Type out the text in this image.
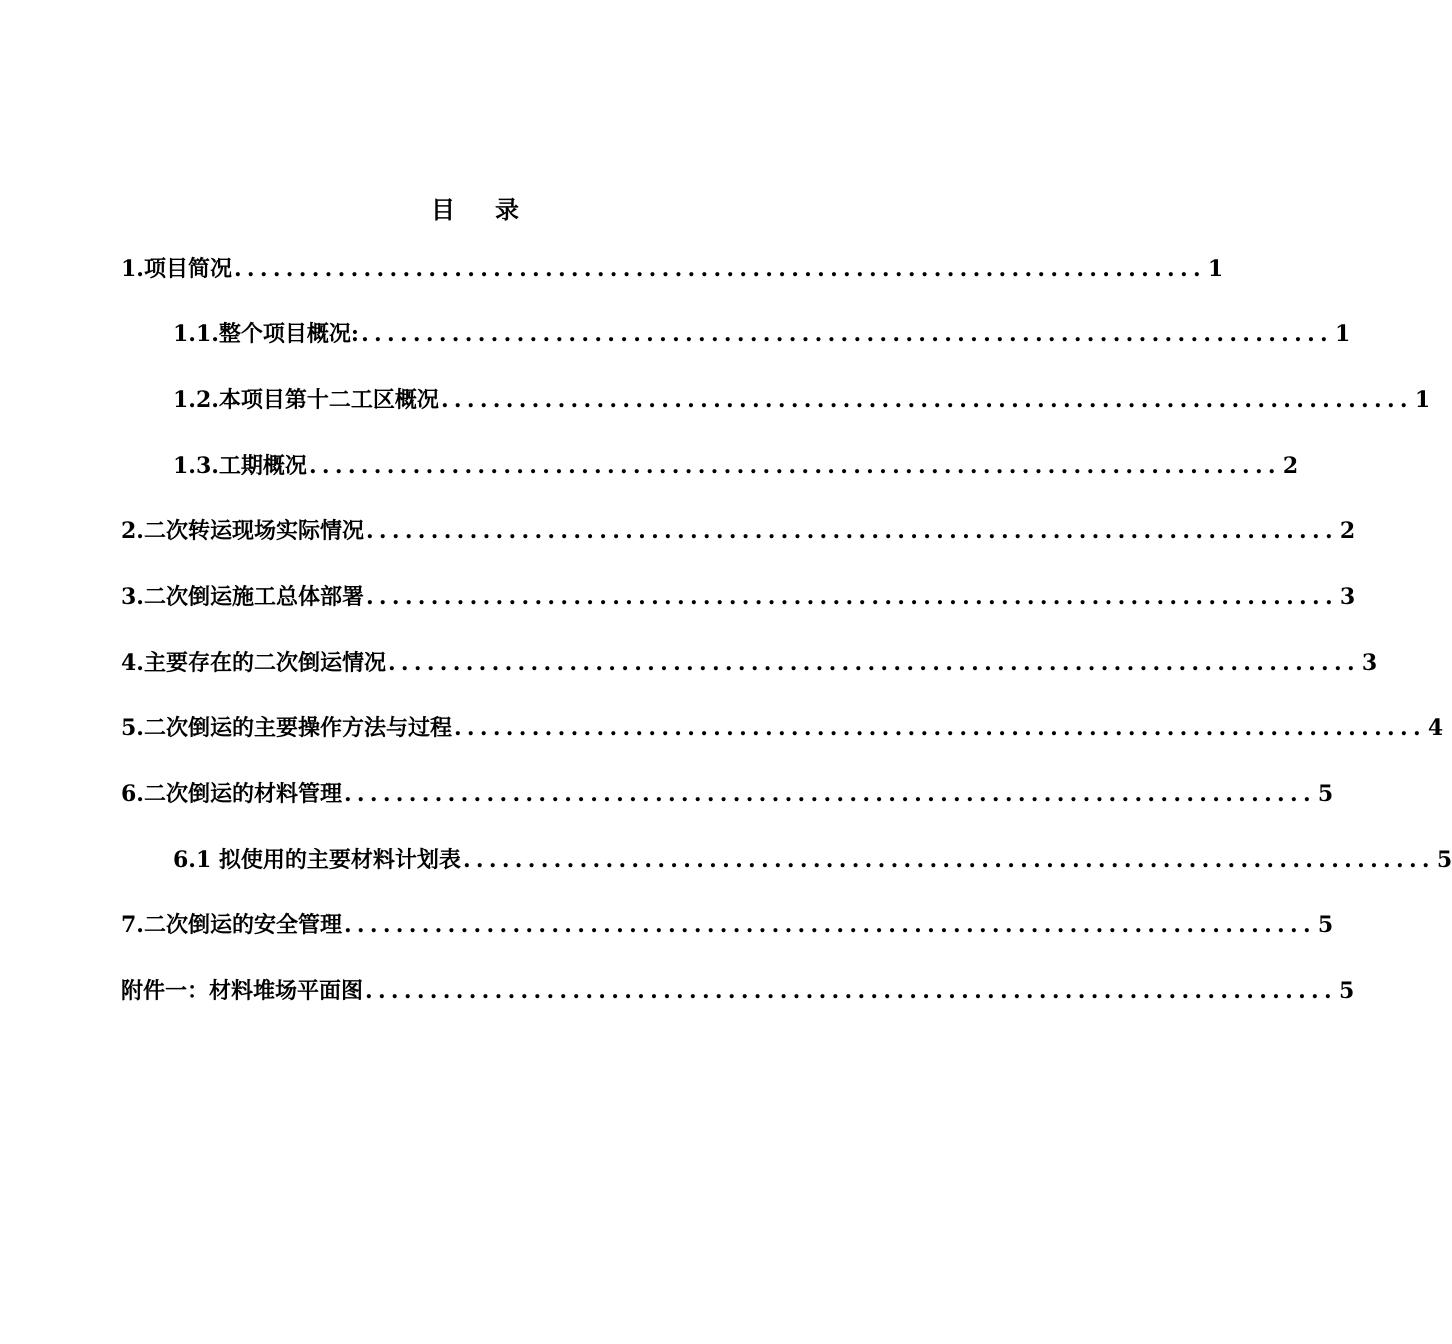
目 录
1.项目简况 ........................................................................... 1
1.1.整个项目概况: ........................................................................... 1
1.2.本项目第十二工区概况 ........................................................................... 1
1.3.工期概况 ........................................................................... 2
2.二次转运现场实际情况 ........................................................................... 2
3.二次倒运施工总体部署 ........................................................................... 3
4.主要存在的二次倒运情况 ........................................................................... 3
5.二次倒运的主要操作方法与过程 ........................................................................... 4
6.二次倒运的材料管理 ........................................................................... 5
6.1 拟使用的主要材料计划表 ........................................................................... 5
7.二次倒运的安全管理 ........................................................................... 5
附件一：材料堆场平面图 ........................................................................... 5
